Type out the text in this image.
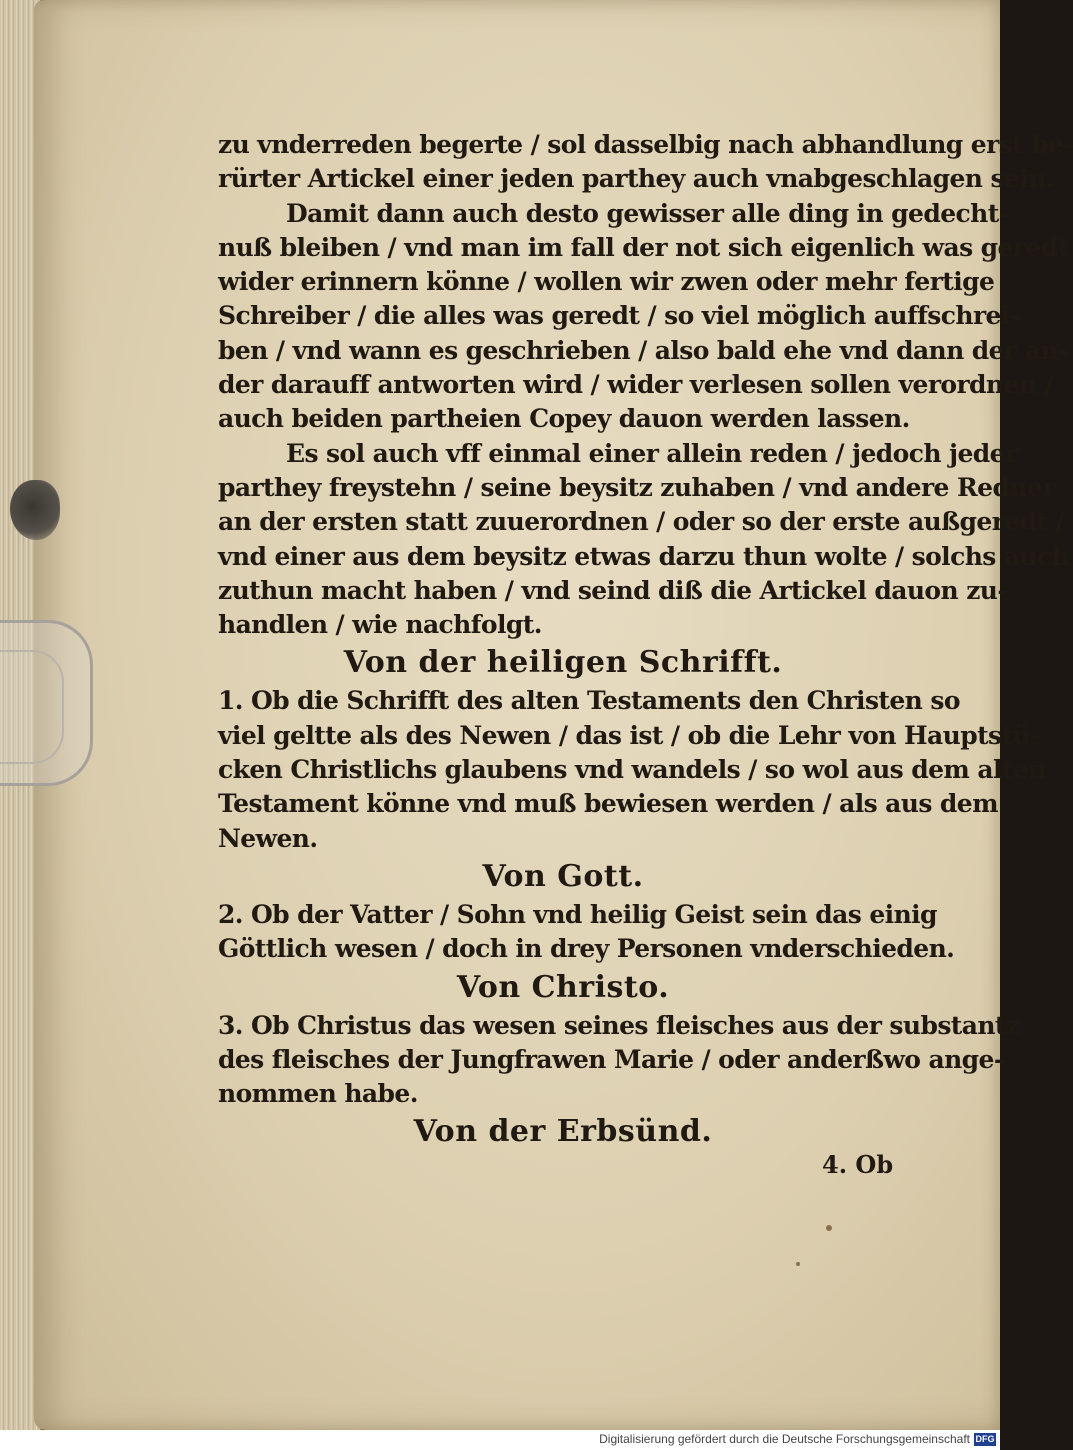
zu vnderreden begerte / sol dasselbig nach abhandlung erst be-
rürter Artickel einer jeden parthey auch vnabgeschlagen sein.
Damit dann auch desto gewisser alle ding in gedecht-
nuß bleiben / vnd man im fall der not sich eigenlich was geredt
wider erinnern könne / wollen wir zwen oder mehr fertige
Schreiber / die alles was geredt / so viel möglich auffschrei-
ben / vnd wann es geschrieben / also bald ehe vnd dann der an-
der darauff antworten wird / wider verlesen sollen verordnen /
auch beiden partheien Copey dauon werden lassen.
Es sol auch vff einmal einer allein reden / jedoch jeder
parthey freystehn / seine beysitz zuhaben / vnd andere Redner
an der ersten statt zuuerordnen / oder so der erste außgeredt /
vnd einer aus dem beysitz etwas darzu thun wolte / solchs auch
zuthun macht haben / vnd seind diß die Artickel dauon zu-
handlen / wie nachfolgt.
Von der heiligen Schrifft.
1. Ob die Schrifft des alten Testaments den Christen so
viel geltte als des Newen / das ist / ob die Lehr von Hauptstü-
cken Christlichs glaubens vnd wandels / so wol aus dem alten
Testament könne vnd muß bewiesen werden / als aus dem
Newen.
Von Gott.
2. Ob der Vatter / Sohn vnd heilig Geist sein das einig
Göttlich wesen / doch in drey Personen vnderschieden.
Von Christo.
3. Ob Christus das wesen seines fleisches aus der substantz
des fleisches der Jungfrawen Marie / oder anderßwo ange-
nommen habe.
Von der Erbsünd.
4. Ob
Digitalisierung gefördert durch die Deutsche Forschungsgemeinschaft DFG
